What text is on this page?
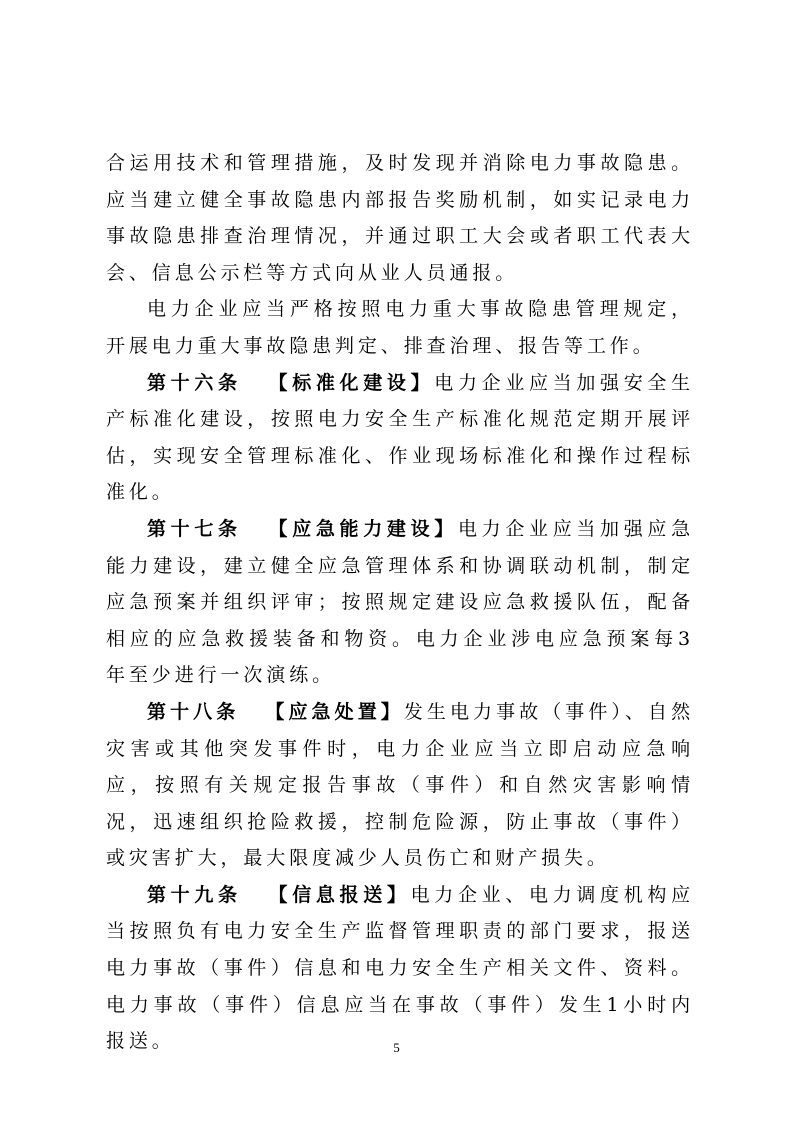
合运用技术和管理措施，及时发现并消除电力事故隐患。应当建立健全事故隐患内部报告奖励机制，如实记录电力事故隐患排查治理情况，并通过职工大会或者职工代表大会、信息公示栏等方式向从业人员通报。

电力企业应当严格按照电力重大事故隐患管理规定，开展电力重大事故隐患判定、排查治理、报告等工作。

第十六条 【标准化建设】电力企业应当加强安全生产标准化建设，按照电力安全生产标准化规范定期开展评估，实现安全管理标准化、作业现场标准化和操作过程标准化。

第十七条 【应急能力建设】电力企业应当加强应急能力建设，建立健全应急管理体系和协调联动机制，制定应急预案并组织评审；按照规定建设应急救援队伍，配备相应的应急救援装备和物资。电力企业涉电应急预案每3年至少进行一次演练。

第十八条 【应急处置】发生电力事故（事件）、自然灾害或其他突发事件时，电力企业应当立即启动应急响应，按照有关规定报告事故（事件）和自然灾害影响情况，迅速组织抢险救援，控制危险源，防止事故（事件）或灾害扩大，最大限度减少人员伤亡和财产损失。

第十九条 【信息报送】电力企业、电力调度机构应当按照负有电力安全生产监督管理职责的部门要求，报送电力事故（事件）信息和电力安全生产相关文件、资料。电力事故（事件）信息应当在事故（事件）发生1小时内报送。	5
